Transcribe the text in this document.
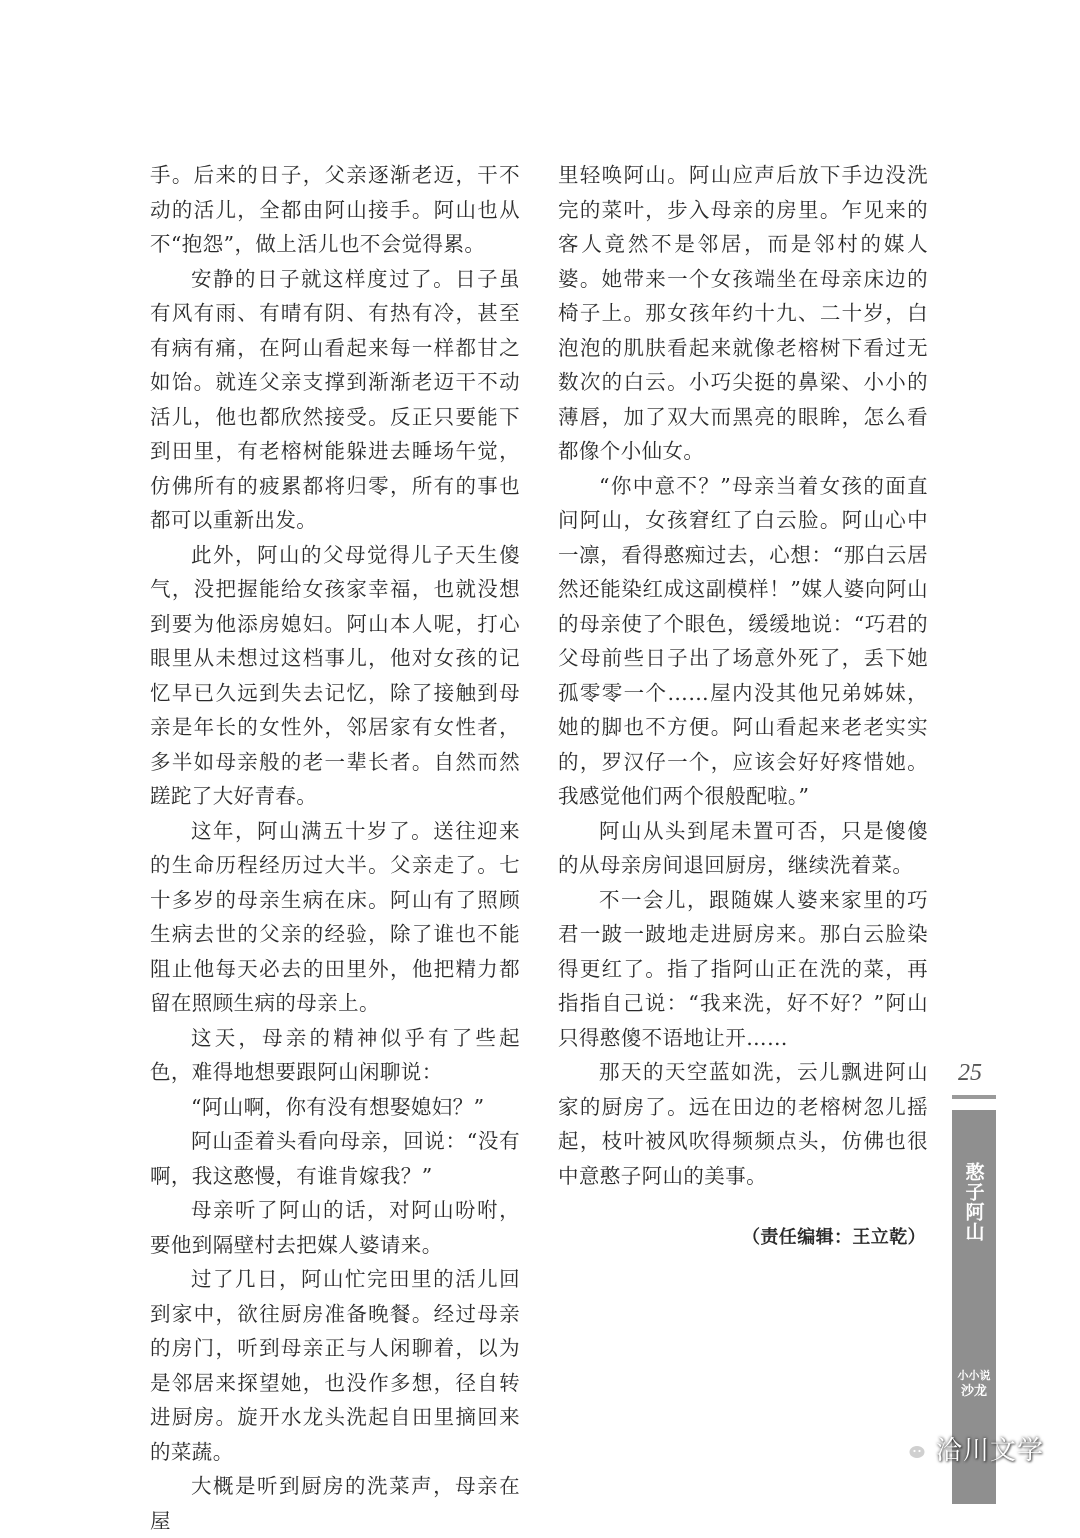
手。后来的日子，父亲逐渐老迈，干不动的活儿，全都由阿山接手。阿山也从不“抱怨”，做上活儿也不会觉得累。

安静的日子就这样度过了。日子虽有风有雨、有晴有阴、有热有冷，甚至有病有痛，在阿山看起来每一样都甘之如饴。就连父亲支撑到渐渐老迈干不动活儿，他也都欣然接受。反正只要能下到田里，有老榕树能躲进去睡场午觉，仿佛所有的疲累都将归零，所有的事也都可以重新出发。

此外，阿山的父母觉得儿子天生傻气，没把握能给女孩家幸福，也就没想到要为他添房媳妇。阿山本人呢，打心眼里从未想过这档事儿，他对女孩的记忆早已久远到失去记忆，除了接触到母亲是年长的女性外，邻居家有女性者，多半如母亲般的老一辈长者。自然而然蹉跎了大好青春。

这年，阿山满五十岁了。送往迎来的生命历程经历过大半。父亲走了。七十多岁的母亲生病在床。阿山有了照顾生病去世的父亲的经验，除了谁也不能阻止他每天必去的田里外，他把精力都留在照顾生病的母亲上。

这天，母亲的精神似乎有了些起色，难得地想要跟阿山闲聊说：

“阿山啊，你有没有想娶媳妇？”

阿山歪着头看向母亲，回说：“没有啊，我这憨慢，有谁肯嫁我？”

母亲听了阿山的话，对阿山吩咐，要他到隔壁村去把媒人婆请来。

过了几日，阿山忙完田里的活儿回到家中，欲往厨房准备晚餐。经过母亲的房门，听到母亲正与人闲聊着，以为是邻居来探望她，也没作多想，径自转进厨房。旋开水龙头洗起自田里摘回来的菜蔬。

大概是听到厨房的洗菜声，母亲在屋

里轻唤阿山。阿山应声后放下手边没洗完的菜叶，步入母亲的房里。乍见来的客人竟然不是邻居，而是邻村的媒人婆。她带来一个女孩端坐在母亲床边的椅子上。那女孩年约十九、二十岁，白泡泡的肌肤看起来就像老榕树下看过无数次的白云。小巧尖挺的鼻梁、小小的薄唇，加了双大而黑亮的眼眸，怎么看都像个小仙女。

“你中意不？”母亲当着女孩的面直问阿山，女孩窘红了白云脸。阿山心中一凛，看得憨痴过去，心想：“那白云居然还能染红成这副模样！”媒人婆向阿山的母亲使了个眼色，缓缓地说：“巧君的父母前些日子出了场意外死了，丢下她孤零零一个……屋内没其他兄弟姊妹，她的脚也不方便。阿山看起来老老实实的，罗汉仔一个，应该会好好疼惜她。我感觉他们两个很般配啦。”

阿山从头到尾未置可否，只是傻傻的从母亲房间退回厨房，继续洗着菜。

不一会儿，跟随媒人婆来家里的巧君一跛一跛地走进厨房来。那白云脸染得更红了。指了指阿山正在洗的菜，再指指自己说：“我来洗，好不好？”阿山只得憨傻不语地让开……

那天的天空蓝如洗，云儿飘进阿山家的厨房了。远在田边的老榕树忽儿摇起，枝叶被风吹得频频点头，仿佛也很中意憨子阿山的美事。

（责任编辑：王立乾）

25
憨子阿山
小小说
沙龙
洽川文学
